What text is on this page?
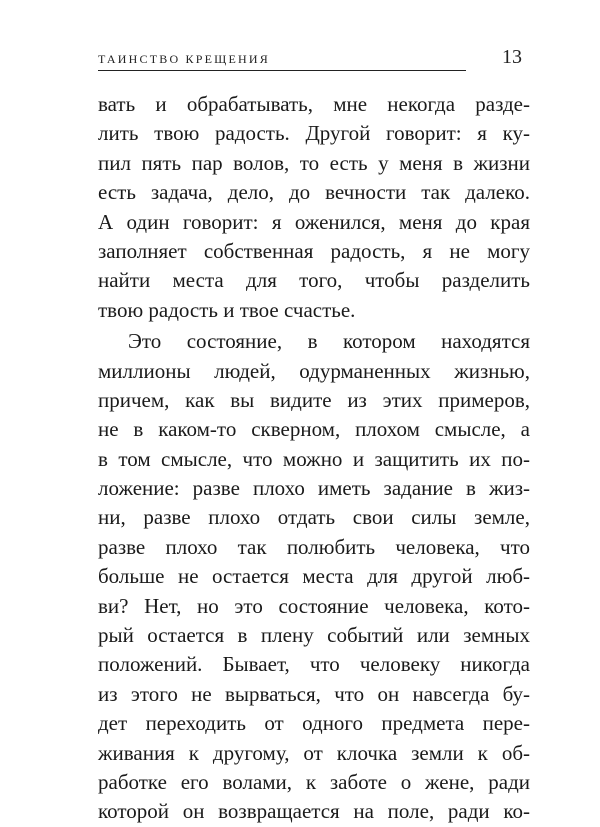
ТАИНСТВО КРЕЩЕНИЯ	13
вать и обрабатывать, мне некогда разде-
лить твою радость. Другой говорит: я ку-
пил пять пар волов, то есть у меня в жизни
есть задача, дело, до вечности так далеко.
А один говорит: я оженился, меня до края
заполняет собственная радость, я не могу
найти места для того, чтобы разделить
твою радость и твое счастье.
Это состояние, в котором находятся
миллионы людей, одурманенных жизнью,
причем, как вы видите из этих примеров,
не в каком-то скверном, плохом смысле, а
в том смысле, что можно и защитить их по-
ложение: разве плохо иметь задание в жиз-
ни, разве плохо отдать свои силы земле,
разве плохо так полюбить человека, что
больше не остается места для другой люб-
ви? Нет, но это состояние человека, кото-
рый остается в плену событий или земных
положений. Бывает, что человеку никогда
из этого не вырваться, что он навсегда бу-
дет переходить от одного предмета пере-
живания к другому, от клочка земли к об-
работке его волами, к заботе о жене, ради
которой он возвращается на поле, ради ко-
